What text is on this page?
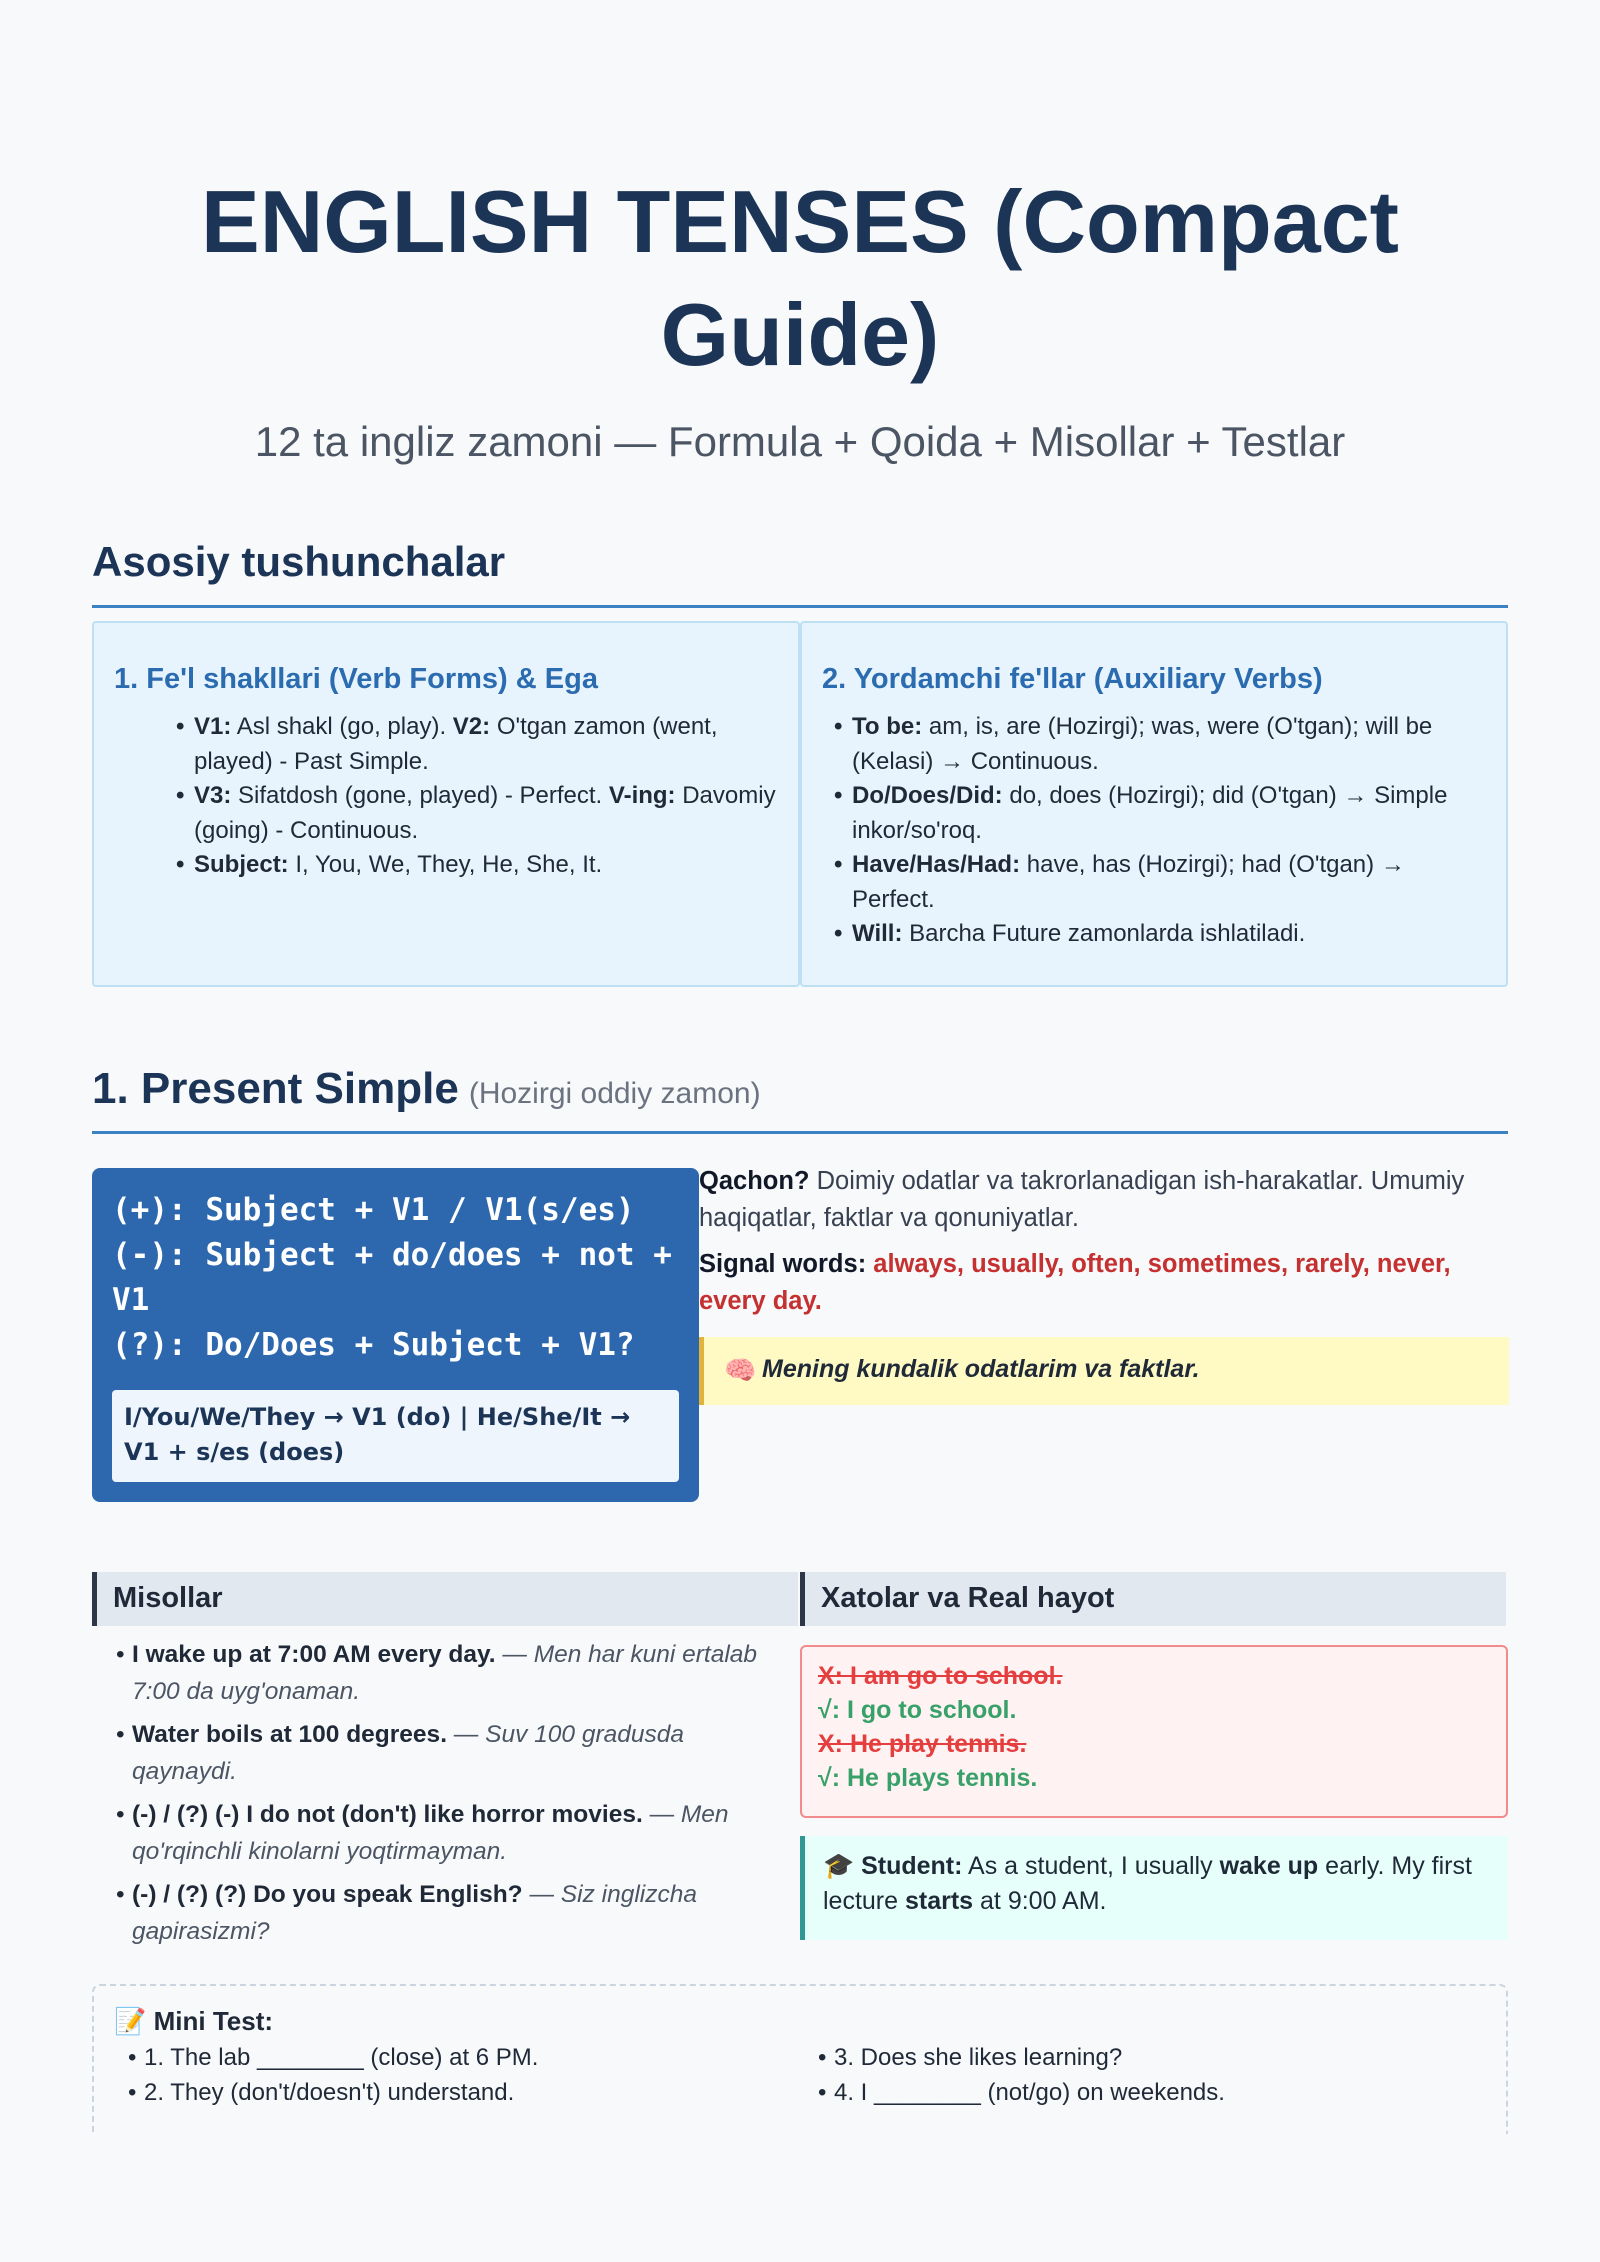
ENGLISH TENSES (Compact Guide)
12 ta ingliz zamoni — Formula + Qoida + Misollar + Testlar
Asosiy tushunchalar
1. Fe'l shakllari (Verb Forms) & Ega
• V1: Asl shakl (go, play). V2: O'tgan zamon (went, played) - Past Simple.
• V3: Sifatdosh (gone, played) - Perfect. V-ing: Davomiy (going) - Continuous.
• Subject: I, You, We, They, He, She, It.
2. Yordamchi fe'llar (Auxiliary Verbs)
• To be: am, is, are (Hozirgi); was, were (O'tgan); will be (Kelasi) → Continuous.
• Do/Does/Did: do, does (Hozirgi); did (O'tgan) → Simple inkor/so'roq.
• Have/Has/Had: have, has (Hozirgi); had (O'tgan) → Perfect.
• Will: Barcha Future zamonlarda ishlatiladi.
1. Present Simple (Hozirgi oddiy zamon)
(+): Subject + V1 / V1(s/es)
(-): Subject + do/does + not + V1
(?): Do/Does + Subject + V1?
I/You/We/They → V1 (do) | He/She/It → V1 + s/es (does)

Qachon? Doimiy odatlar va takrorlanadigan ish-harakatlar. Umumiy haqiqatlar, faktlar va qonuniyatlar.

Signal words: always, usually, often, sometimes, rarely, never, every day.

🧠 Mening kundalik odatlarim va faktlar.
Misollar	Xatolar va Real hayot
• I wake up at 7:00 AM every day. — Men har kuni ertalab 7:00 da uyg'onaman.
• Water boils at 100 degrees. — Suv 100 gradusda qaynaydi.
• (-) / (?) (-) I do not (don't) like horror movies. — Men qo'rqinchli kinolarni yoqtirmayman.
• (-) / (?) (?) Do you speak English? — Siz inglizcha gapirasizmi?
X: I am go to school.
√: I go to school.
X: He play tennis.
√: He plays tennis.
🎓 Student: As a student, I usually wake up early. My first lecture starts at 9:00 AM.
📝 Mini Test:
• 1. The lab ________ (close) at 6 PM.
• 2. They (don't/doesn't) understand.
• 3. Does she likes learning?
• 4. I ________ (not/go) on weekends.
